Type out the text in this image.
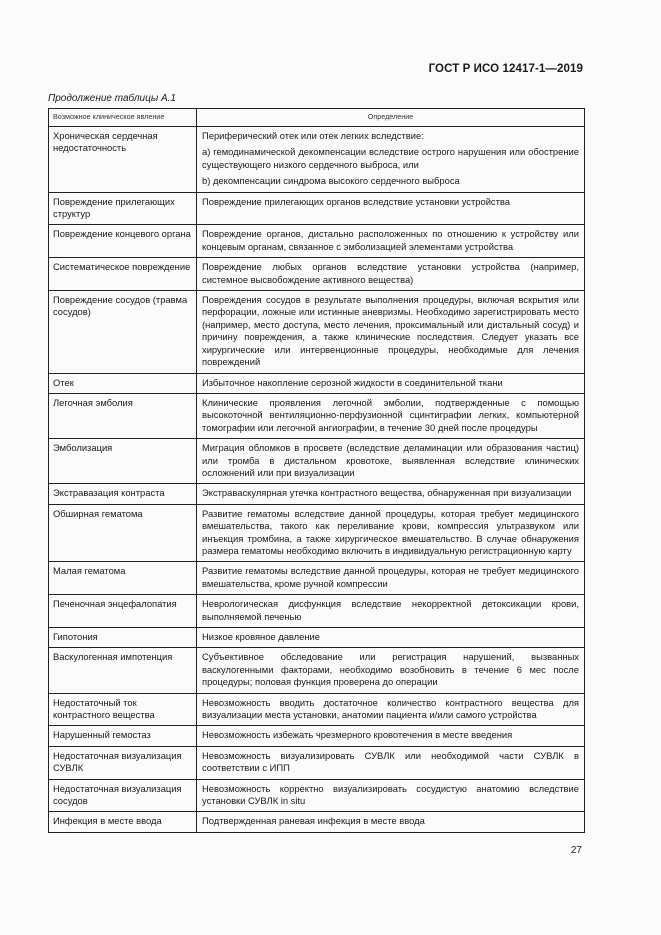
ГОСТ Р ИСО 12417-1—2019
Продолжение таблицы А.1
Возможное клиническое явление	Определение
Хроническая сердечная недостаточность	Периферический отек или отек легких вследствие:
а) гемодинамической декомпенсации вследствие острого нарушения или обострение существующего низкого сердечного выброса, или
b) декомпенсации синдрома высокого сердечного выброса

Повреждение прилегающих структур	Повреждение прилегающих органов вследствие установки устройства

Повреждение концевого органа	Повреждение органов, дистально расположенных по отношению к устройству или концевым органам, связанное с эмболизацией элементами устройства

Систематическое повреждение	Повреждение любых органов вследствие установки устройства (например, системное высвобождение активного вещества)

Повреждение сосудов (травма сосудов)	Повреждения сосудов в результате выполнения процедуры, включая вскрытия или перфорации, ложные или истинные аневризмы. Необходимо зарегистрировать место (например, место доступа, место лечения, проксимальный или дистальный сосуд) и причину повреждения, а также клинические последствия. Следует указать все хирургические или интервенционные процедуры, необходимые для лечения повреждений

Отек	Избыточное накопление серозной жидкости в соединительной ткани

Легочная эмболия	Клинические проявления легочной эмболии, подтвержденные с помощью высокоточной вентиляционно-перфузионной сцинтиграфии легких, компьютерной томографии или легочной ангиографии, в течение 30 дней после процедуры

Эмболизация	Миграция обломков в просвете (вследствие деламинации или образования частиц) или тромба в дистальном кровотоке, выявленная вследствие клинических осложнений или при визуализации

Экстравазация контраста	Экстраваскулярная утечка контрастного вещества, обнаруженная при визуализации

Обширная гематома	Развитие гематомы вследствие данной процедуры, которая требует медицинского вмешательства, такого как переливание крови, компрессия ультразвуком или инъекция тромбина, а также хирургическое вмешательство. В случае обнаружения размера гематомы необходимо включить в индивидуальную регистрационную карту

Малая гематома	Развитие гематомы вследствие данной процедуры, которая не требует медицинского вмешательства, кроме ручной компрессии

Печеночная энцефалопатия	Неврологическая дисфункция вследствие некорректной детоксикации крови, выполняемой печенью

Гипотония	Низкое кровяное давление

Васкулогенная импотенция	Субъективное обследование или регистрация нарушений, вызванных васкулогенными факторами, необходимо возобновить в течение 6 мес после процедуры; половая функция проверена до операции

Недостаточный ток контрастного вещества	Невозможность вводить достаточное количество контрастного вещества для визуализации места установки, анатомии пациента и/или самого устройства

Нарушенный гемостаз	Невозможность избежать чрезмерного кровотечения в месте введения

Недостаточная визуализация СУВЛК	Невозможность визуализировать СУВЛК или необходимой части СУВЛК в соответствии с ИПП

Недостаточная визуализация сосудов	Невозможность корректно визуализировать сосудистую анатомию вследствие установки СУВЛК in situ

Инфекция в месте ввода	Подтвержденная раневая инфекция в месте ввода
27
